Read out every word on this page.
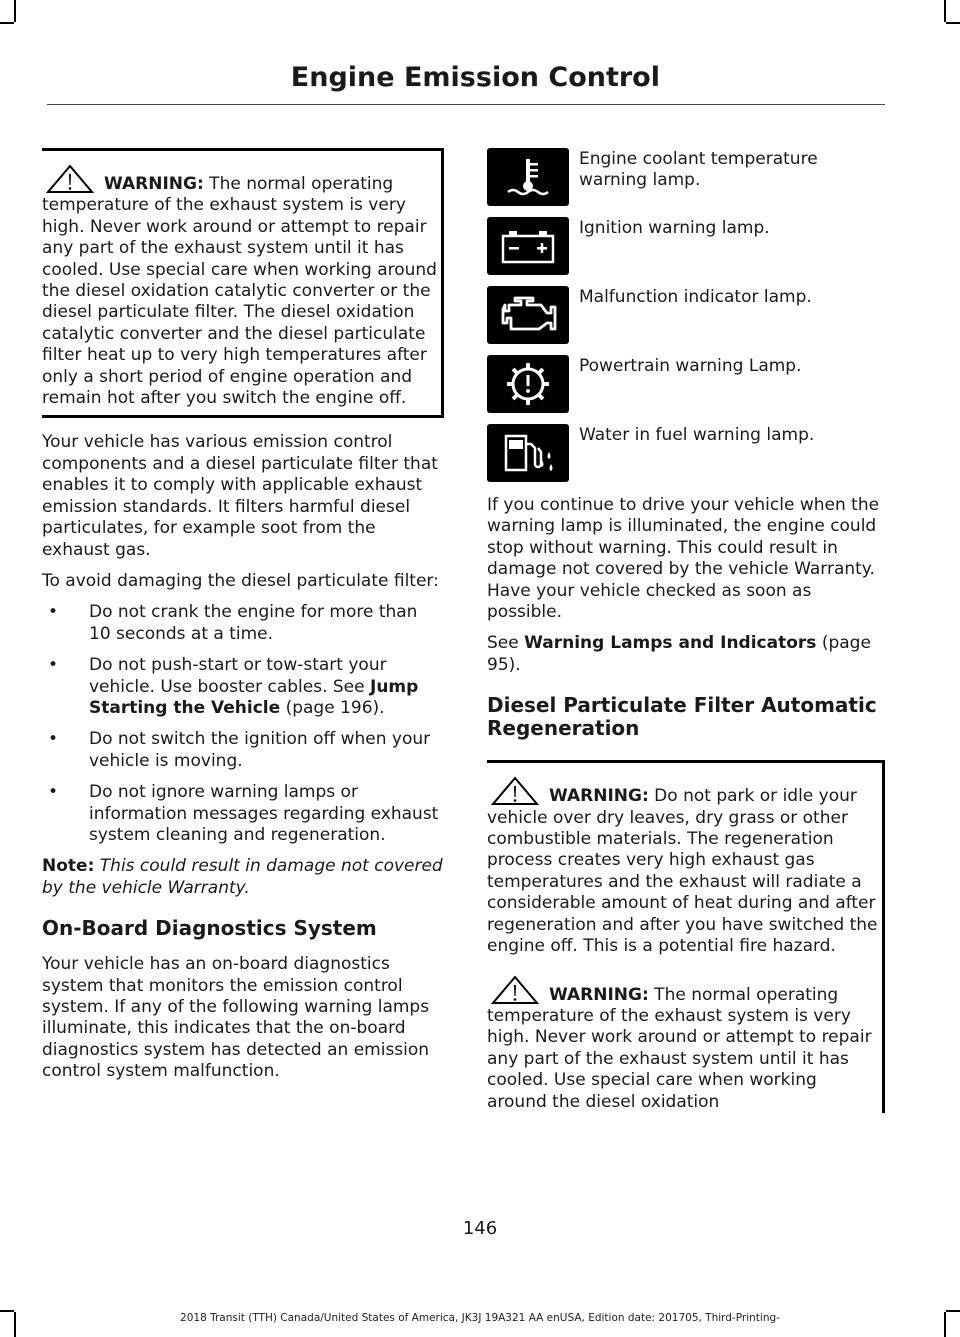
Engine Emission Control

WARNING: The normal operating temperature of the exhaust system is very high. Never work around or attempt to repair any part of the exhaust system until it has cooled. Use special care when working around the diesel oxidation catalytic converter or the diesel particulate filter. The diesel oxidation catalytic converter and the diesel particulate filter heat up to very high temperatures after only a short period of engine operation and remain hot after you switch the engine off.

Your vehicle has various emission control components and a diesel particulate filter that enables it to comply with applicable exhaust emission standards. It filters harmful diesel particulates, for example soot from the exhaust gas.

To avoid damaging the diesel particulate filter:

• Do not crank the engine for more than 10 seconds at a time.
• Do not push-start or tow-start your vehicle. Use booster cables. See Jump Starting the Vehicle (page 196).
• Do not switch the ignition off when your vehicle is moving.
• Do not ignore warning lamps or information messages regarding exhaust system cleaning and regeneration.

Note: This could result in damage not covered by the vehicle Warranty.

On-Board Diagnostics System

Your vehicle has an on-board diagnostics system that monitors the emission control system. If any of the following warning lamps illuminate, this indicates that the on-board diagnostics system has detected an emission control system malfunction.

Engine coolant temperature warning lamp.
Ignition warning lamp.
Malfunction indicator lamp.
Powertrain warning Lamp.
Water in fuel warning lamp.

If you continue to drive your vehicle when the warning lamp is illuminated, the engine could stop without warning. This could result in damage not covered by the vehicle Warranty. Have your vehicle checked as soon as possible.

See Warning Lamps and Indicators (page 95).

Diesel Particulate Filter Automatic Regeneration

WARNING: Do not park or idle your vehicle over dry leaves, dry grass or other combustible materials. The regeneration process creates very high exhaust gas temperatures and the exhaust will radiate a considerable amount of heat during and after regeneration and after you have switched the engine off. This is a potential fire hazard.

WARNING: The normal operating temperature of the exhaust system is very high. Never work around or attempt to repair any part of the exhaust system until it has cooled. Use special care when working around the diesel oxidation

146
2018 Transit (TTH) Canada/United States of America, JK3J 19A321 AA enUSA, Edition date: 201705, Third-Printing-
